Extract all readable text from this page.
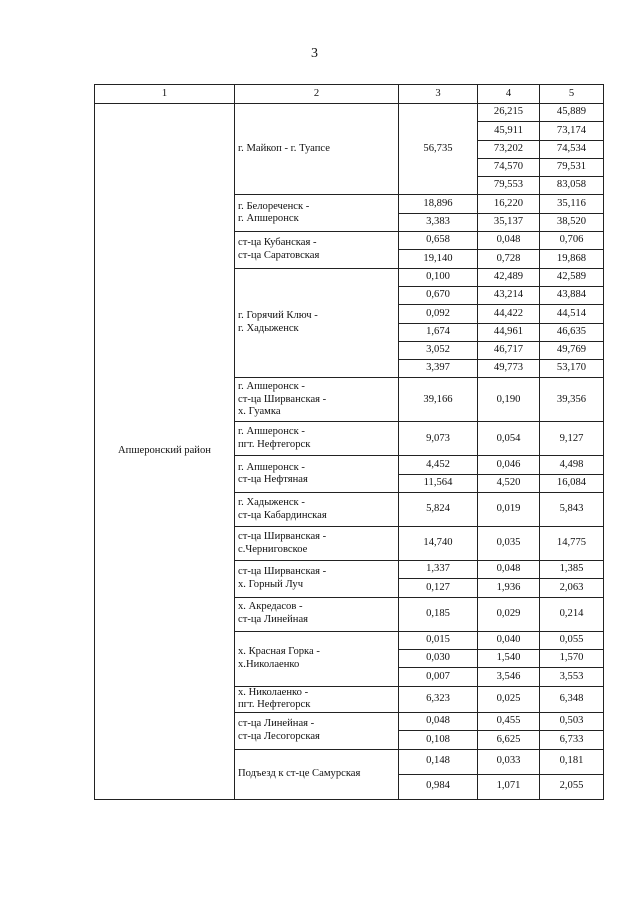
3
1	2	3	4	5
Апшеронский район	г. Майкоп - г. Туапсе	56,735	26,215	45,889
			45,911	73,174
			73,202	74,534
			74,570	79,531
			79,553	83,058
	г. Белореченск -
г. Апшеронск	18,896	16,220	35,116
		3,383	35,137	38,520
	ст-ца Кубанская -
ст-ца Саратовская	0,658	0,048	0,706
		19,140	0,728	19,868
	г. Горячий Ключ -
г. Хадыженск	0,100	42,489	42,589
		0,670	43,214	43,884
		0,092	44,422	44,514
		1,674	44,961	46,635
		3,052	46,717	49,769
		3,397	49,773	53,170
	г. Апшеронск -
ст-ца Ширванская -
х. Гуамка	39,166	0,190	39,356
	г. Апшеронск -
пгт. Нефтегорск	9,073	0,054	9,127
	г. Апшеронск -
ст-ца Нефтяная	4,452	0,046	4,498
		11,564	4,520	16,084
	г. Хадыженск -
ст-ца Кабардинская	5,824	0,019	5,843
	ст-ца Ширванская -
с.Черниговское	14,740	0,035	14,775
	ст-ца Ширванская -
х. Горный Луч	1,337	0,048	1,385
		0,127	1,936	2,063
	х. Акредасов -
ст-ца Линейная	0,185	0,029	0,214
	х. Красная Горка -
х.Николаенко	0,015	0,040	0,055
		0,030	1,540	1,570
		0,007	3,546	3,553
	х. Николаенко -
пгт. Нефтегорск	6,323	0,025	6,348
	ст-ца Линейная -
ст-ца Лесогорская	0,048	0,455	0,503
		0,108	6,625	6,733
	Подъезд к ст-це Самурская	0,148	0,033	0,181
		0,984	1,071	2,055
